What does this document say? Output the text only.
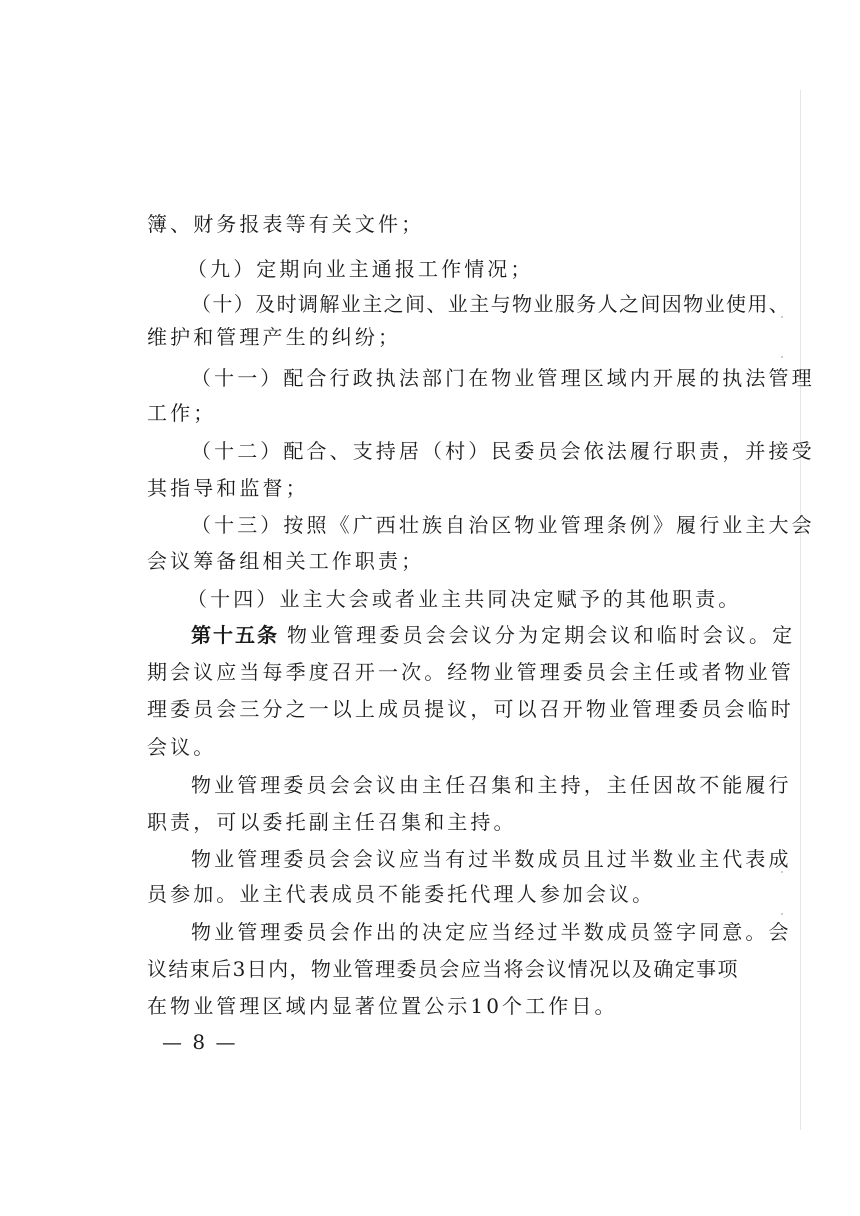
簿、财务报表等有关文件；
（九）定期向业主通报工作情况；
（十）及时调解业主之间、业主与物业服务人之间因物业使用、
维护和管理产生的纠纷；
（十一）配合行政执法部门在物业管理区域内开展的执法管理
工作；
（十二）配合、支持居（村）民委员会依法履行职责，并接受
其指导和监督；
（十三）按照《广西壮族自治区物业管理条例》履行业主大会
会议筹备组相关工作职责；
（十四）业主大会或者业主共同决定赋予的其他职责。
第十五条 物业管理委员会会议分为定期会议和临时会议。定
期会议应当每季度召开一次。经物业管理委员会主任或者物业管
理委员会三分之一以上成员提议，可以召开物业管理委员会临时
会议。
物业管理委员会会议由主任召集和主持，主任因故不能履行
职责，可以委托副主任召集和主持。
物业管理委员会会议应当有过半数成员且过半数业主代表成
员参加。业主代表成员不能委托代理人参加会议。
物业管理委员会作出的决定应当经过半数成员签字同意。会
议结束后3日内，物业管理委员会应当将会议情况以及确定事项
在物业管理区域内显著位置公示10个工作日。
— 8 —
